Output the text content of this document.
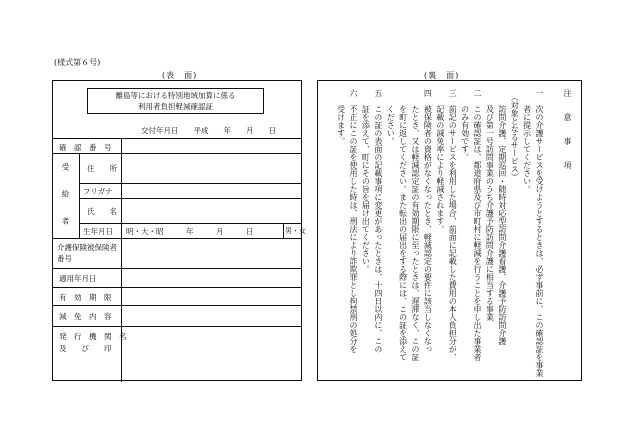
(様式第６号)
(表　面)	(裏　面)
離島等における特別地域加算に係る
利用者負担軽減確認証
交付年月日　　平成　　年　　月　　日
確　認　番　号
受　給　者 住　　所
フリガナ
氏　　名
生年月日 明・大・昭　　　年　　　月　　　日	男・女
介護保険被保険者番号
適用年月日
有　効　期　限
減　免　内　容
発　行　機　関　名
及　　び　　印
注　意　事　項
一　次の介護サービスを受けようとするときは、必ず事前に、この確認証を事業
　　者に提示してください。
　（対象となるサービス）
　　訪問介護、定期巡回・随時対応型訪問介護看護、介護予防訪問介護
　　及び第一号訪問事業のうち介護予防訪問介護に相当する事業
二　この確認証は、都道府県及び市町村に軽減を行うことを申し出た事業者
　　のみ有効です。
三　前記のサービスを利用した場合、前面に記載した費用の本人負担分が、
　　記載の減免率により軽減されます。
四　被保険者の資格がなくなったとき、軽減認定の要件に該当しなくなっ
　　たとき、又は軽減認定証の有効期限に至ったときは、遅滞なく、この証
　　を町に返してください。また転出の届出をする際には、この証を添えて
　　ください。
五　この証の表面の記載事項に変更があったときは、十四日以内に、この
　　証を添えて、町にその旨を届け出てください。
六　不正にこの証を使用した時は、刑法により詐欺罪とし拘禁刑の処分を
　　受けます。
